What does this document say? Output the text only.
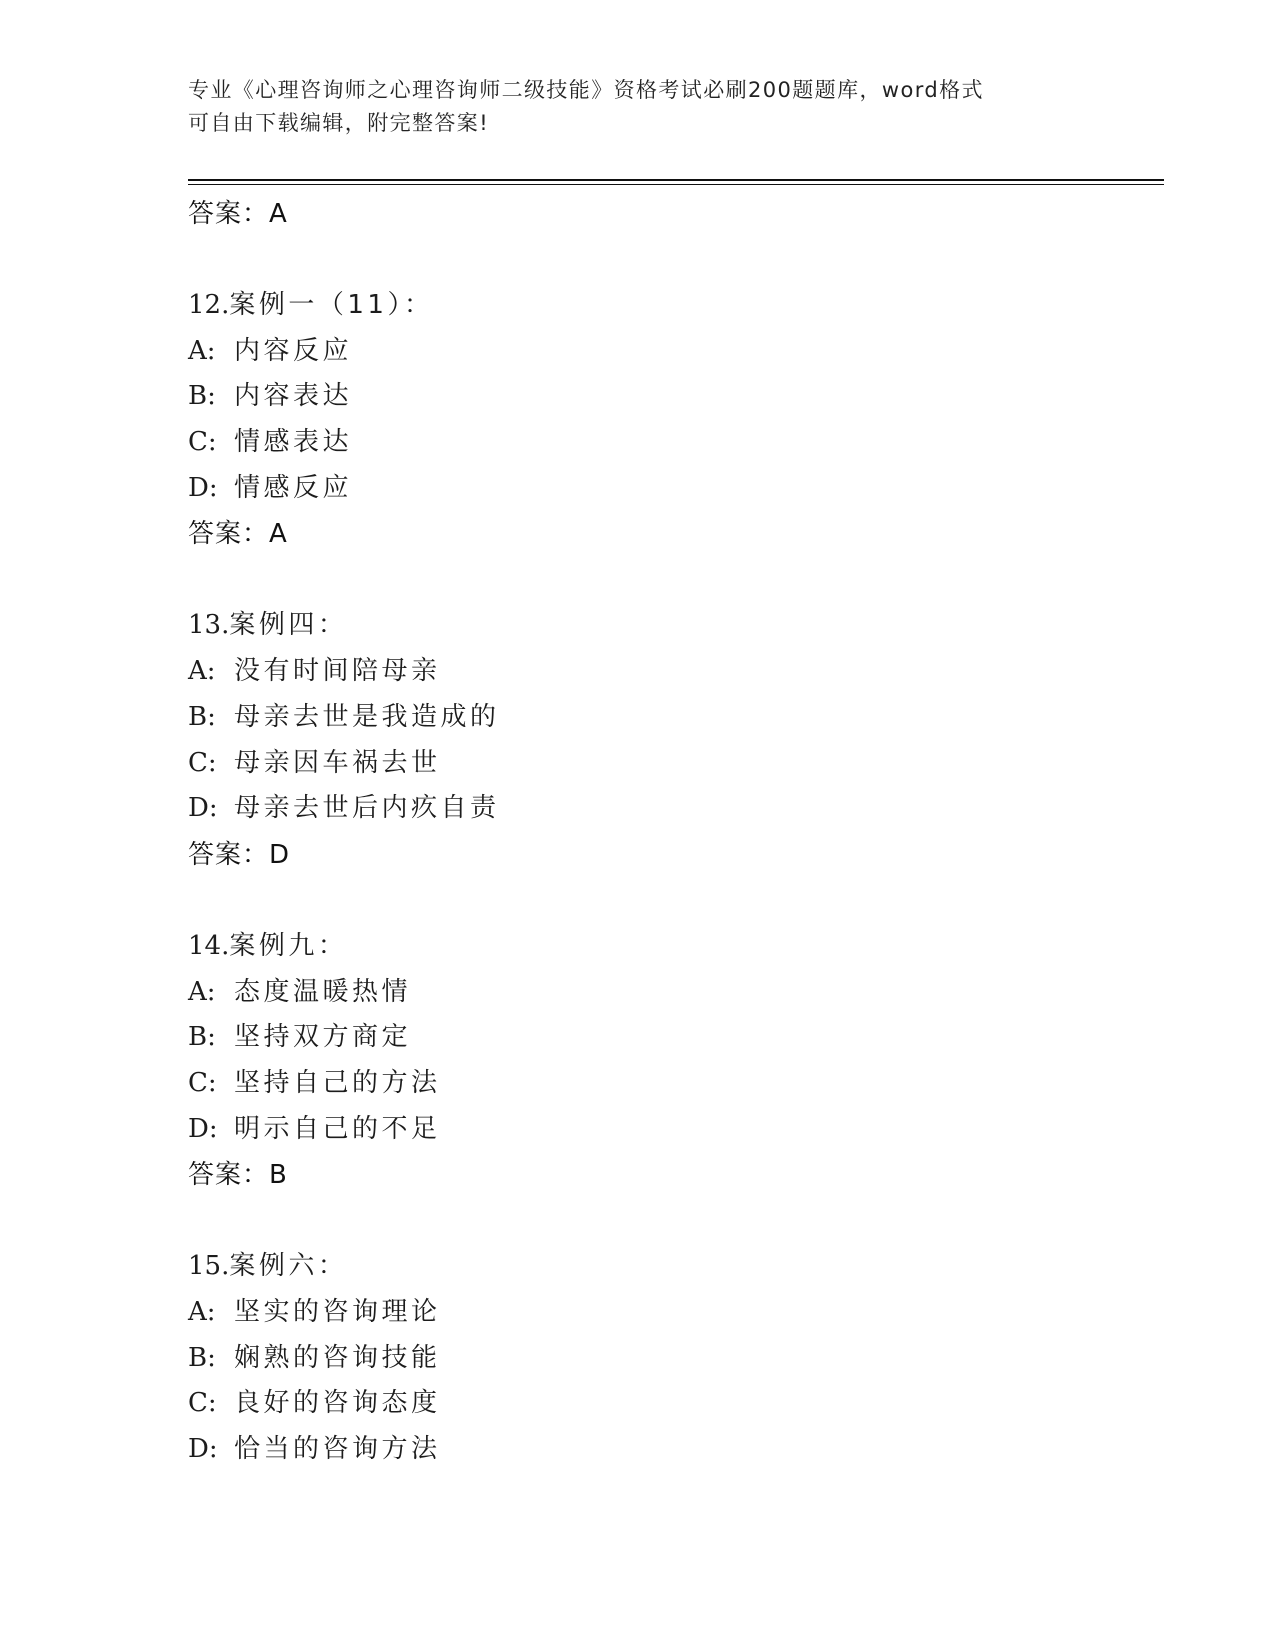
专业《心理咨询师之心理咨询师二级技能》资格考试必刷200题题库，word格式
可自由下载编辑，附完整答案!
答案：A
12.案例一（11）：
A: 内容反应
B: 内容表达
C: 情感表达
D: 情感反应
答案：A
13.案例四：
A: 没有时间陪母亲
B: 母亲去世是我造成的
C: 母亲因车祸去世
D: 母亲去世后内疚自责
答案：D
14.案例九：
A: 态度温暖热情
B: 坚持双方商定
C: 坚持自己的方法
D: 明示自己的不足
答案：B
15.案例六：
A: 坚实的咨询理论
B: 娴熟的咨询技能
C: 良好的咨询态度
D: 恰当的咨询方法
